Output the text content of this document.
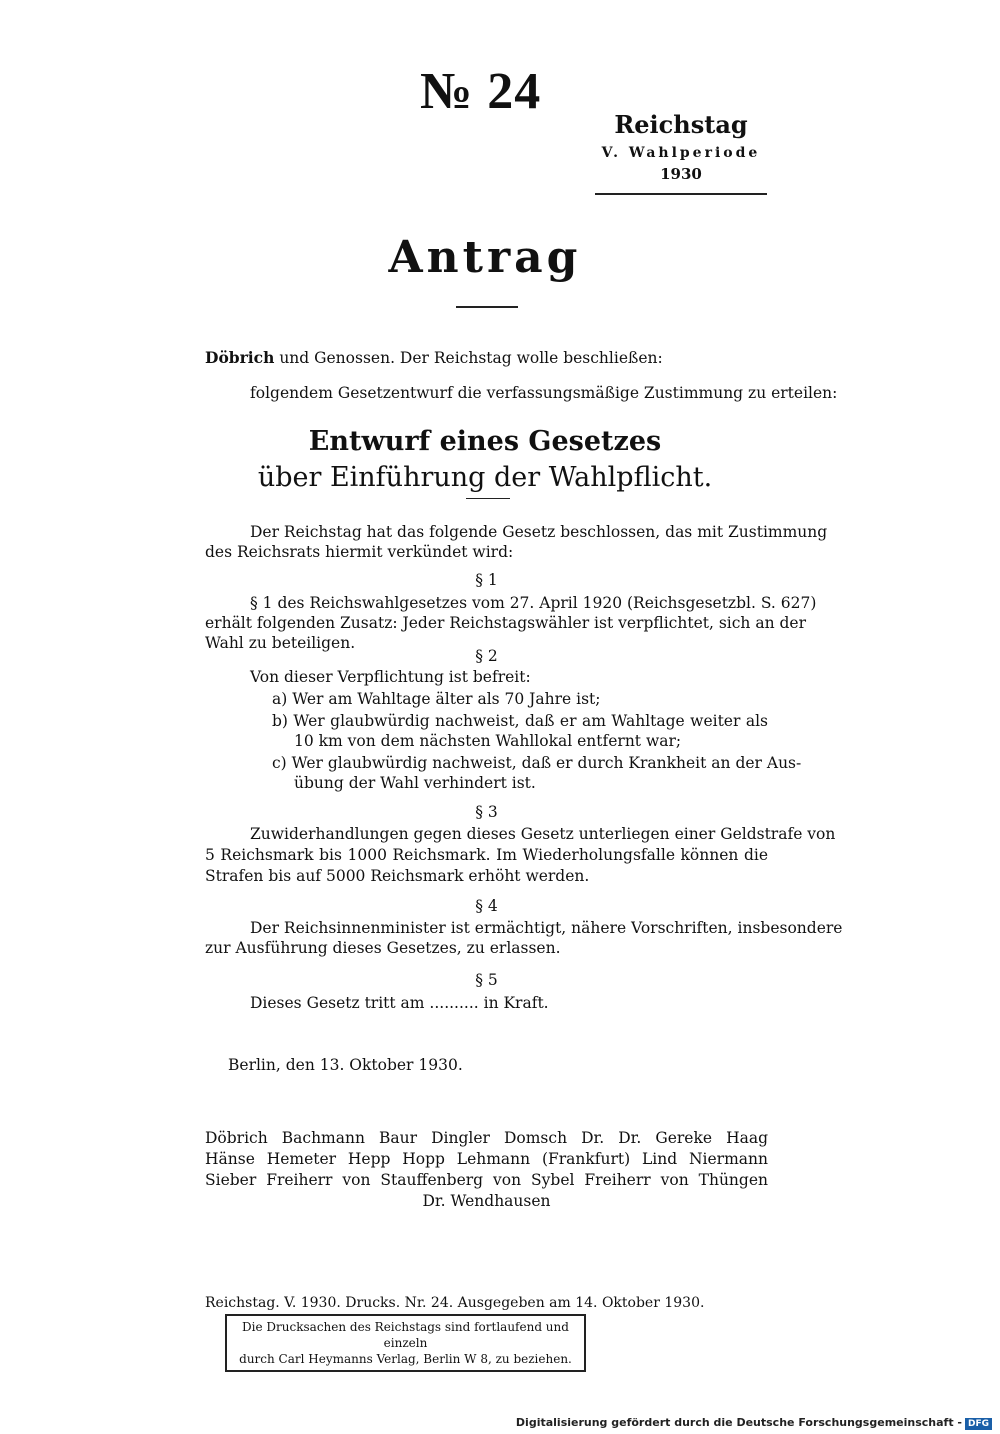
№ 24
Reichstag
V. Wahlperiode
1930
Antrag
Döbrich und Genossen. Der Reichstag wolle beschließen:
folgendem Gesetzentwurf die verfassungsmäßige Zustimmung zu erteilen:
Entwurf eines Gesetzes
über Einführung der Wahlpflicht.
Der Reichstag hat das folgende Gesetz beschlossen, das mit Zustimmung
des Reichsrats hiermit verkündet wird:
§ 1
§ 1 des Reichswahlgesetzes vom 27. April 1920 (Reichsgesetzbl. S. 627)
erhält folgenden Zusatz: Jeder Reichstagswähler ist verpflichtet, sich an der
Wahl zu beteiligen.
§ 2
Von dieser Verpflichtung ist befreit:
a) Wer am Wahltage älter als 70 Jahre ist;
b) Wer glaubwürdig nachweist, daß er am Wahltage weiter als
10 km von dem nächsten Wahllokal entfernt war;
c) Wer glaubwürdig nachweist, daß er durch Krankheit an der Aus-
übung der Wahl verhindert ist.
§ 3
Zuwiderhandlungen gegen dieses Gesetz unterliegen einer Geldstrafe von
5 Reichsmark bis 1000 Reichsmark. Im Wiederholungsfalle können die
Strafen bis auf 5000 Reichsmark erhöht werden.
§ 4
Der Reichsinnenminister ist ermächtigt, nähere Vorschriften, insbesondere
zur Ausführung dieses Gesetzes, zu erlassen.
§ 5
Dieses Gesetz tritt am .......... in Kraft.
Berlin, den 13. Oktober 1930.
Döbrich Bachmann Baur Dingler Domsch Dr. Dr. Gereke Haag
Hänse Hemeter Hepp Hopp Lehmann (Frankfurt) Lind Niermann
Sieber Freiherr von Stauffenberg von Sybel Freiherr von Thüngen
Dr. Wendhausen
Reichstag. V. 1930. Drucks. Nr. 24. Ausgegeben am 14. Oktober 1930.
Die Drucksachen des Reichstags sind fortlaufend und einzeln
durch Carl Heymanns Verlag, Berlin W 8, zu beziehen.
Digitalisierung gefördert durch die Deutsche Forschungsgemeinschaft - DFG
